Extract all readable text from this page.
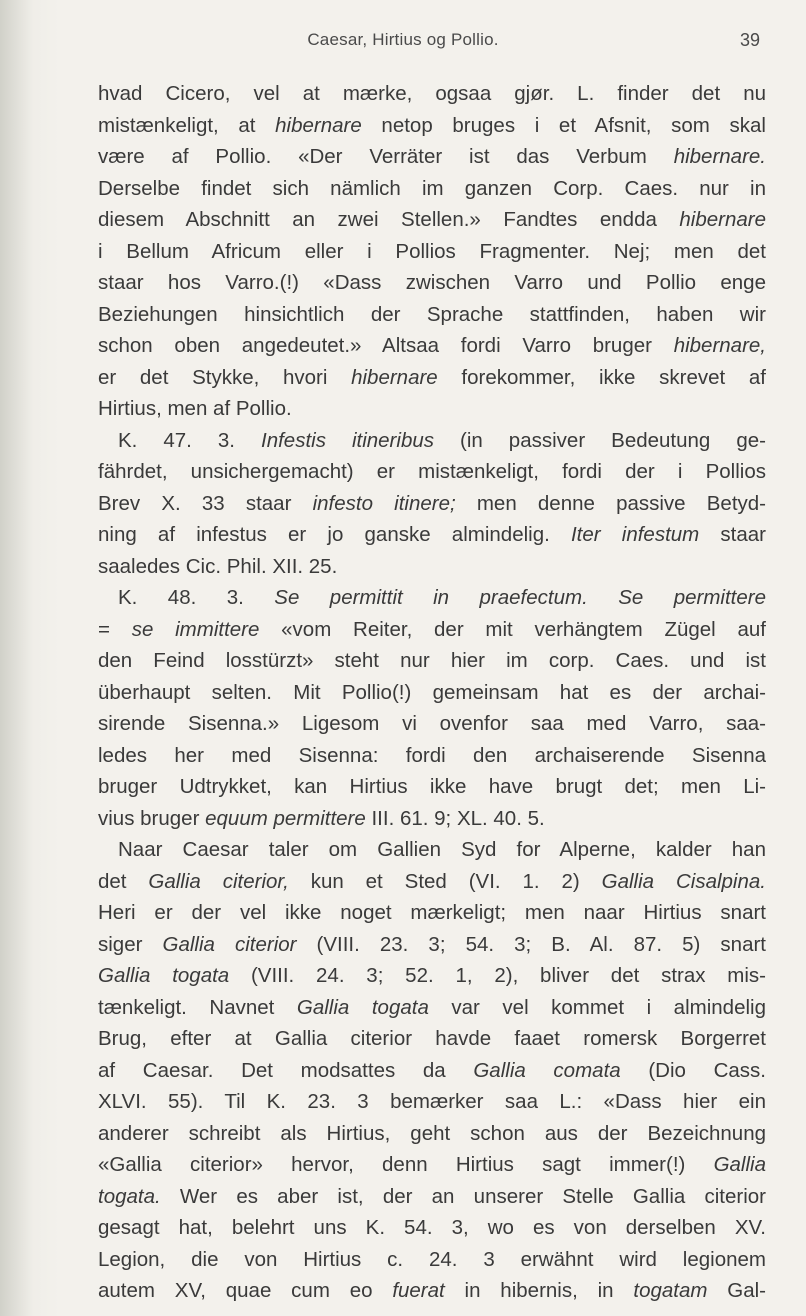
Caesar, Hirtius og Pollio.	39
hvad Cicero, vel at mærke, ogsaa gjør. L. finder det nu
mistænkeligt, at hibernare netop bruges i et Afsnit, som skal
være af Pollio. «Der Verräter ist das Verbum hibernare.
Derselbe findet sich nämlich im ganzen Corp. Caes. nur in
diesem Abschnitt an zwei Stellen.» Fandtes endda hibernare
i Bellum Africum eller i Pollios Fragmenter. Nej; men det
staar hos Varro.(!) «Dass zwischen Varro und Pollio enge
Beziehungen hinsichtlich der Sprache stattfinden, haben wir
schon oben angedeutet.» Altsaa fordi Varro bruger hibernare,
er det Stykke, hvori hibernare forekommer, ikke skrevet af
Hirtius, men af Pollio.
K. 47. 3. Infestis itineribus (in passiver Bedeutung ge-
fährdet, unsichergemacht) er mistænkeligt, fordi der i Pollios
Brev X. 33 staar infesto itinere; men denne passive Betyd-
ning af infestus er jo ganske almindelig. Iter infestum staar
saaledes Cic. Phil. XII. 25.
K. 48. 3. Se permittit in praefectum. Se permittere
= se immittere «vom Reiter, der mit verhängtem Zügel auf
den Feind losstürzt» steht nur hier im corp. Caes. und ist
überhaupt selten. Mit Pollio(!) gemeinsam hat es der archai-
sirende Sisenna.» Ligesom vi ovenfor saa med Varro, saa-
ledes her med Sisenna: fordi den archaiserende Sisenna
bruger Udtrykket, kan Hirtius ikke have brugt det; men Li-
vius bruger equum permittere III. 61. 9; XL. 40. 5.
Naar Caesar taler om Gallien Syd for Alperne, kalder han
det Gallia citerior, kun et Sted (VI. 1. 2) Gallia Cisalpina.
Heri er der vel ikke noget mærkeligt; men naar Hirtius snart
siger Gallia citerior (VIII. 23. 3; 54. 3; B. Al. 87. 5) snart
Gallia togata (VIII. 24. 3; 52. 1, 2), bliver det strax mis-
tænkeligt. Navnet Gallia togata var vel kommet i almindelig
Brug, efter at Gallia citerior havde faaet romersk Borgerret
af Caesar. Det modsattes da Gallia comata (Dio Cass.
XLVI. 55). Til K. 23. 3 bemærker saa L.: «Dass hier ein
anderer schreibt als Hirtius, geht schon aus der Bezeichnung
«Gallia citerior» hervor, denn Hirtius sagt immer(!) Gallia
togata. Wer es aber ist, der an unserer Stelle Gallia citerior
gesagt hat, belehrt uns K. 54. 3, wo es von derselben XV.
Legion, die von Hirtius c. 24. 3 erwähnt wird legionem
autem XV, quae cum eo fuerat in hibernis, in togatam Gal-
